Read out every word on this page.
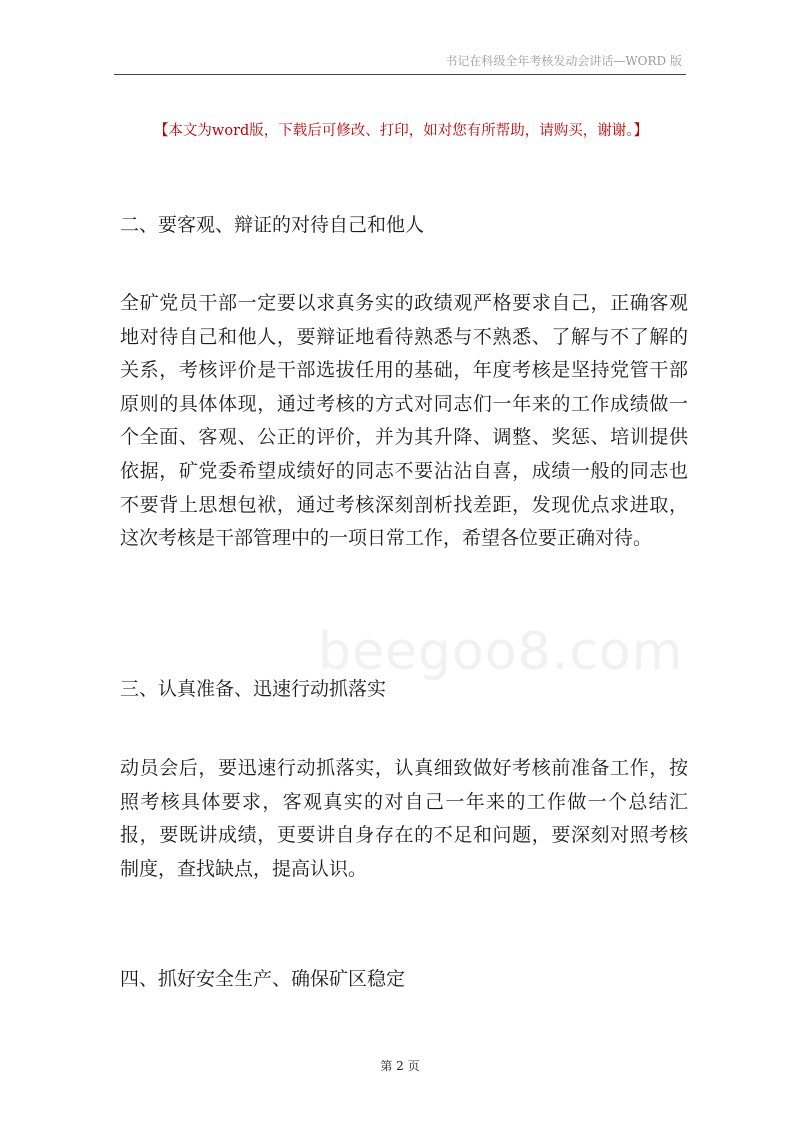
书记在科级全年考核发动会讲话—WORD 版
【本文为word版，下载后可修改、打印，如对您有所帮助，请购买，谢谢。】
beegoo8.com
二、要客观、辩证的对待自己和他人
全矿党员干部一定要以求真务实的政绩观严格要求自己，正确客观地对待自己和他人，要辩证地看待熟悉与不熟悉、了解与不了解的关系，考核评价是干部选拔任用的基础，年度考核是坚持党管干部原则的具体体现，通过考核的方式对同志们一年来的工作成绩做一个全面、客观、公正的评价，并为其升降、调整、奖惩、培训提供依据，矿党委希望成绩好的同志不要沾沾自喜，成绩一般的同志也不要背上思想包袱，通过考核深刻剖析找差距，发现优点求进取，这次考核是干部管理中的一项日常工作，希望各位要正确对待。
三、认真准备、迅速行动抓落实
动员会后，要迅速行动抓落实，认真细致做好考核前准备工作，按照考核具体要求，客观真实的对自己一年来的工作做一个总结汇报，要既讲成绩，更要讲自身存在的不足和问题，要深刻对照考核制度，查找缺点，提高认识。
四、抓好安全生产、确保矿区稳定
第 2 页
